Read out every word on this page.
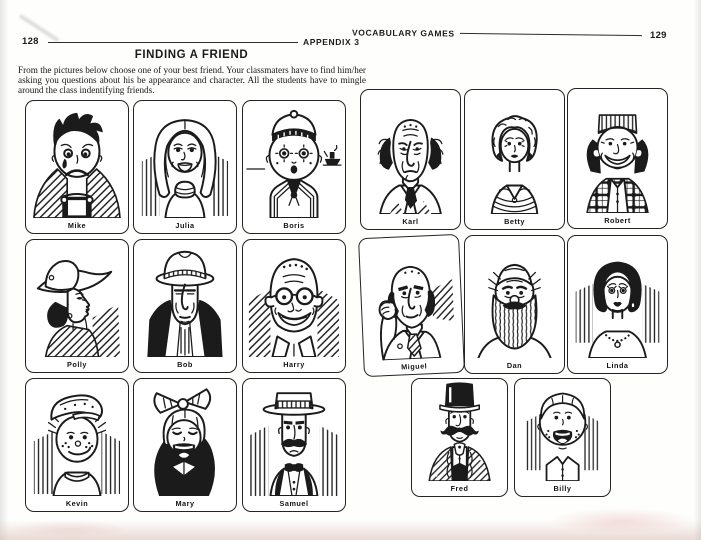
128	APPENDIX 3
FINDING A FRIEND

From the pictures below choose one of your best friend. Your classmaters have to find him/her asking you questions about his be appearance and character. All the students have to mingle around the class indentifying friends.

VOCABULARY GAMES	129
Mike	Julia	Boris
Polly	Bob	Harry
Kevin	Mary	Samuel
Karl	Betty	Robert
Miguel	Dan	Linda
Fred	Billy
